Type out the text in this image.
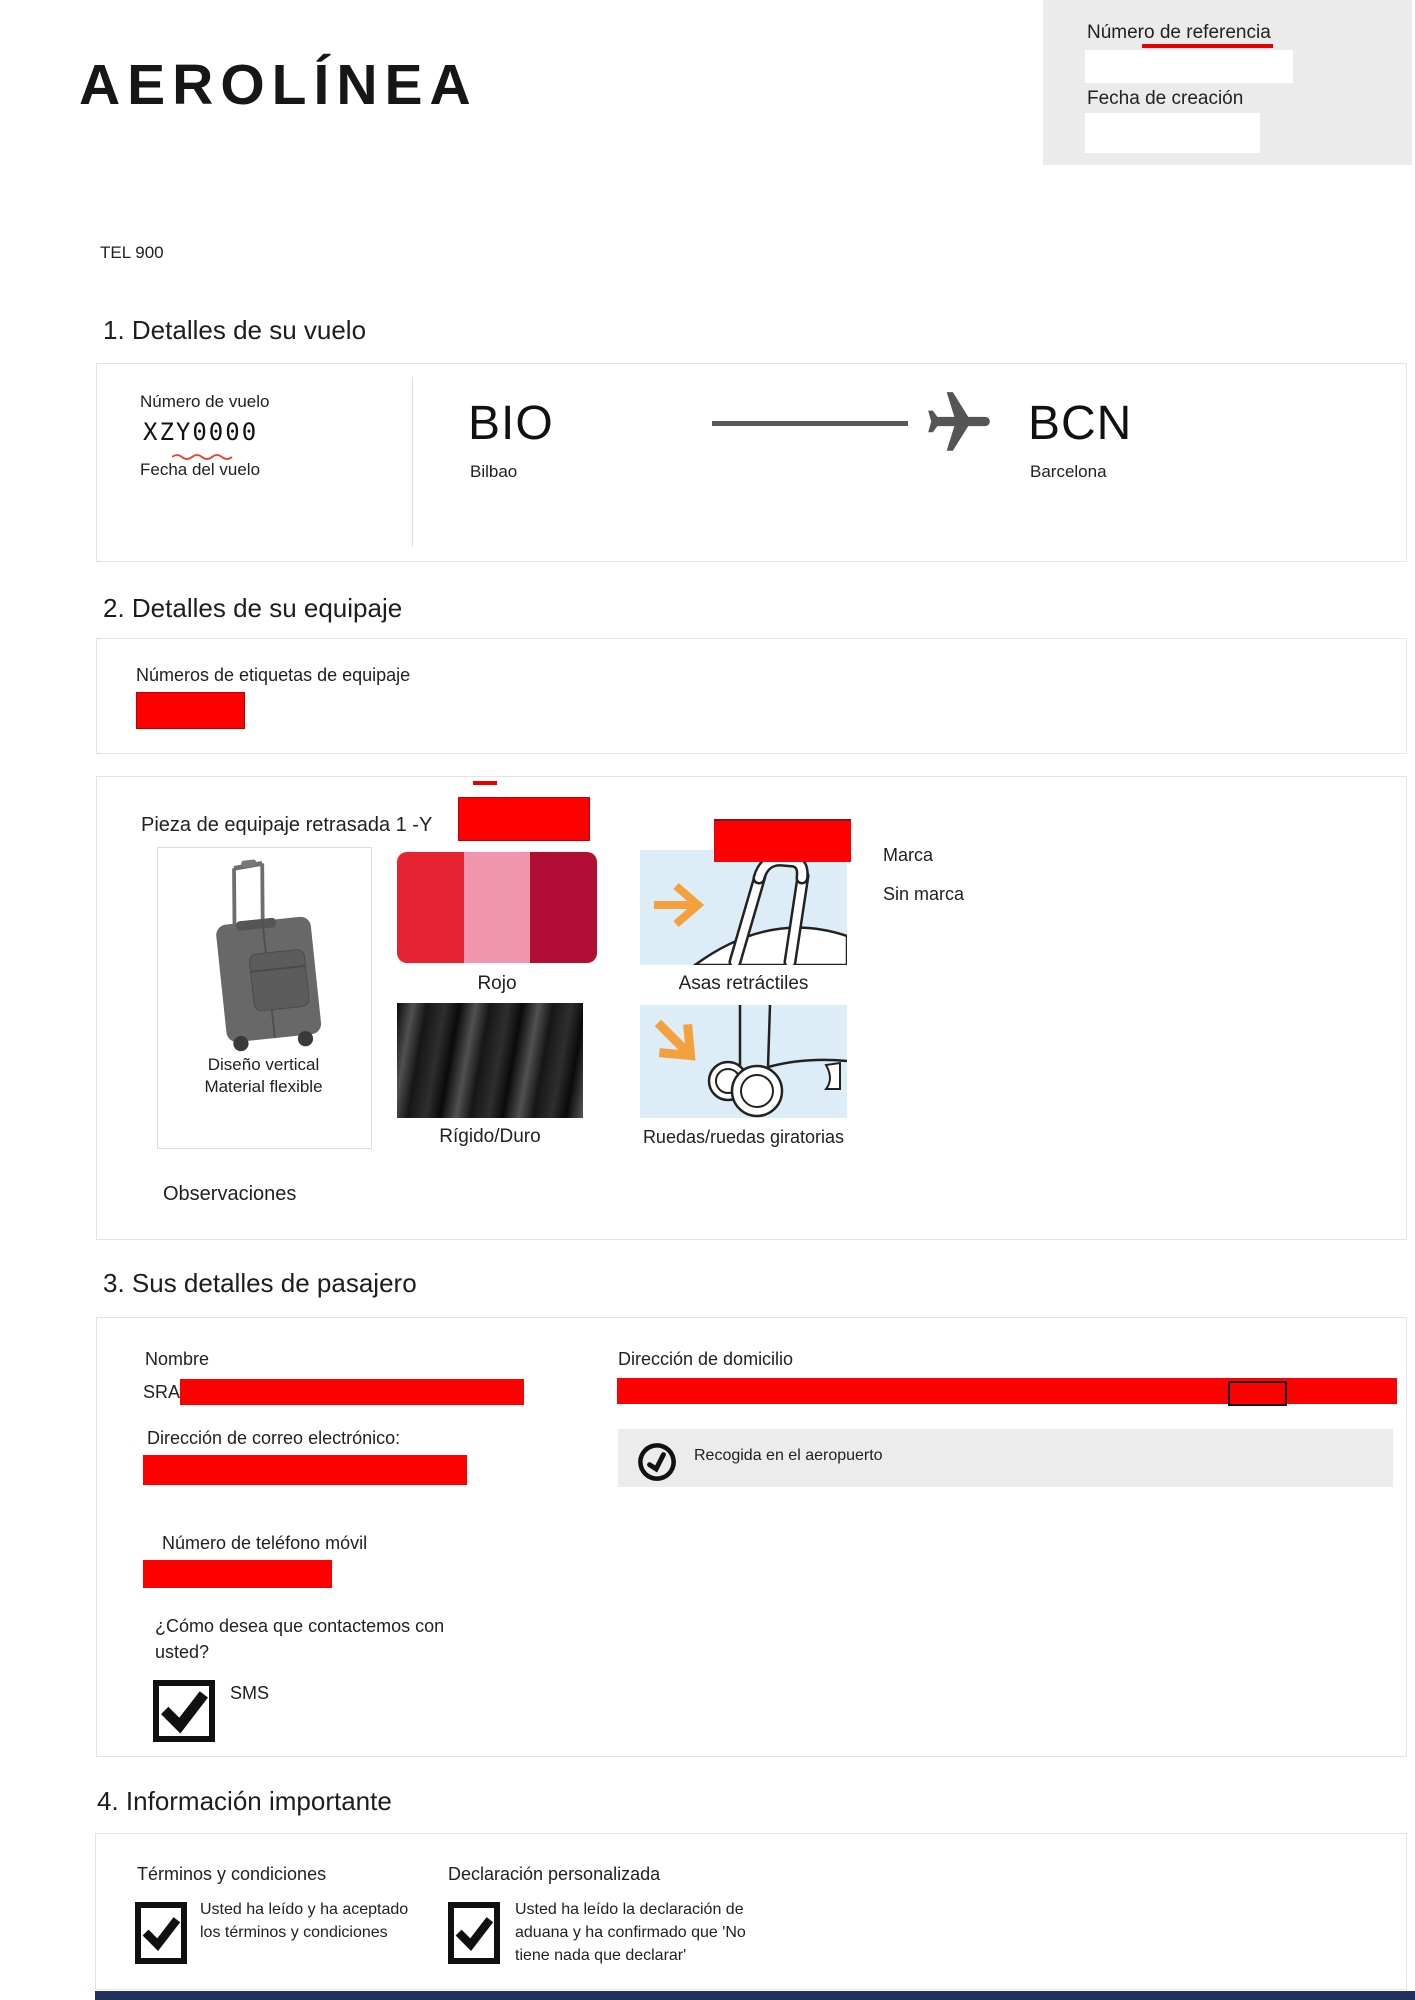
AEROLÍNEA
Número de referencia
Fecha de creación
TEL 900
1. Detalles de su vuelo
Número de vuelo
XZY0000
Fecha del vuelo
BIO
Bilbao
BCN
Barcelona
2. Detalles de su equipaje
Números de etiquetas de equipaje
Pieza de equipaje retrasada 1 -Y
Diseño vertical
Material flexible
Rojo
Rígido/Duro
Asas retráctiles
Ruedas/ruedas giratorias
Marca
Sin marca
Observaciones
3. Sus detalles de pasajero
Nombre
SRA
Dirección de correo electrónico:
Número de teléfono móvil
¿Cómo desea que contactemos con
usted?
SMS
Dirección de domicilio
Recogida en el aeropuerto
4. Información importante
Términos y condiciones
Usted ha leído y ha aceptado
los términos y condiciones
Declaración personalizada
Usted ha leído la declaración de
aduana y ha confirmado que 'No
tiene nada que declarar'
